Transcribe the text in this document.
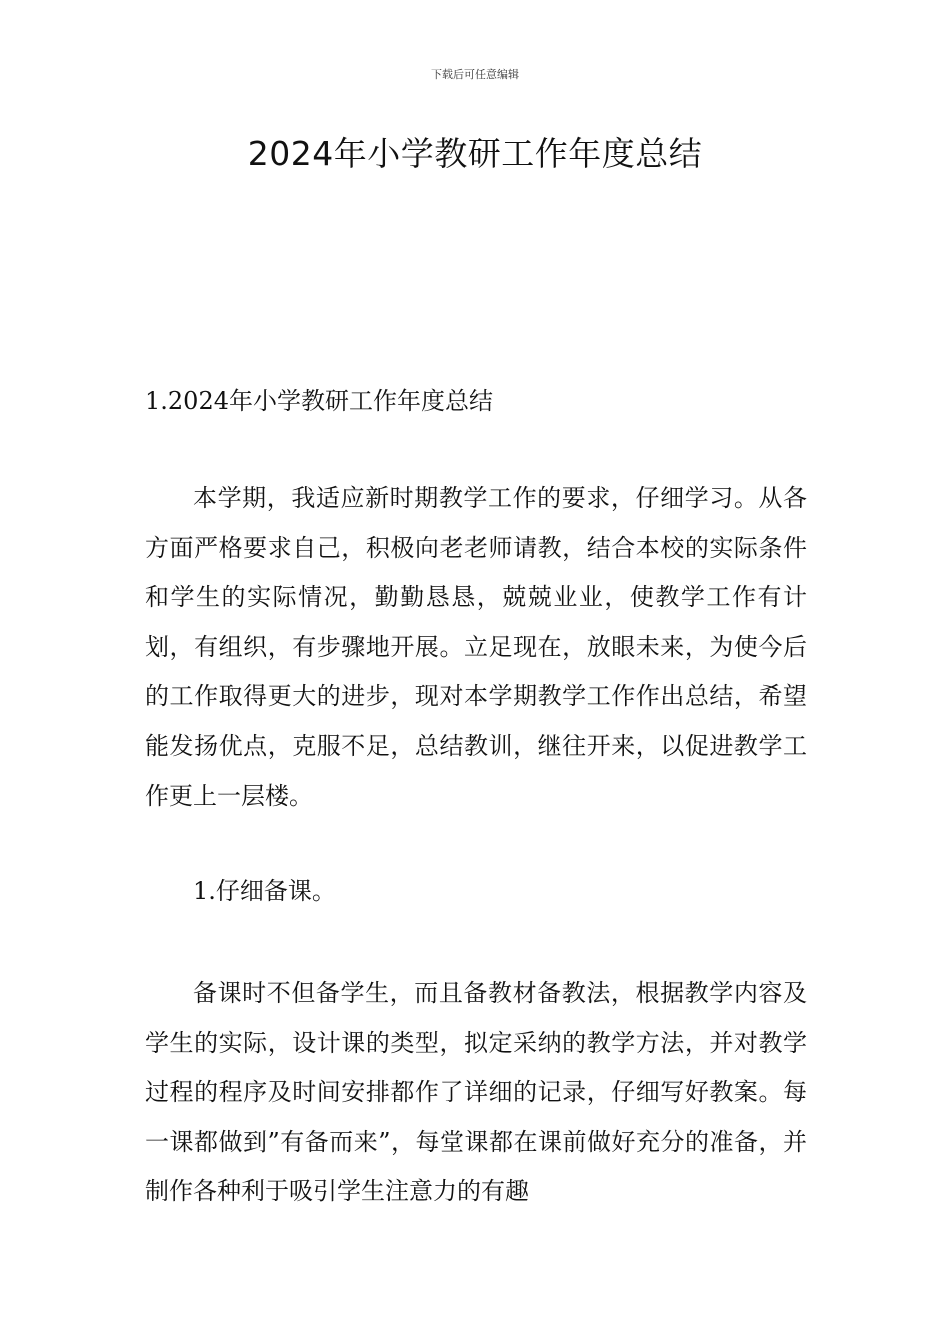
下载后可任意编辑
2024年小学教研工作年度总结
1.2024年小学教研工作年度总结

本学期，我适应新时期教学工作的要求，仔细学习。从各方面严格要求自己，积极向老老师请教，结合本校的实际条件和学生的实际情况，勤勤恳恳，兢兢业业，使教学工作有计划，有组织，有步骤地开展。立足现在，放眼未来，为使今后的工作取得更大的进步，现对本学期教学工作作出总结，希望能发扬优点，克服不足，总结教训，继往开来，以促进教学工作更上一层楼。

1.仔细备课。

备课时不但备学生，而且备教材备教法，根据教学内容及学生的实际，设计课的类型，拟定采纳的教学方法，并对教学过程的程序及时间安排都作了详细的记录，仔细写好教案。每一课都做到”有备而来”，每堂课都在课前做好充分的准备，并制作各种利于吸引学生注意力的有趣
